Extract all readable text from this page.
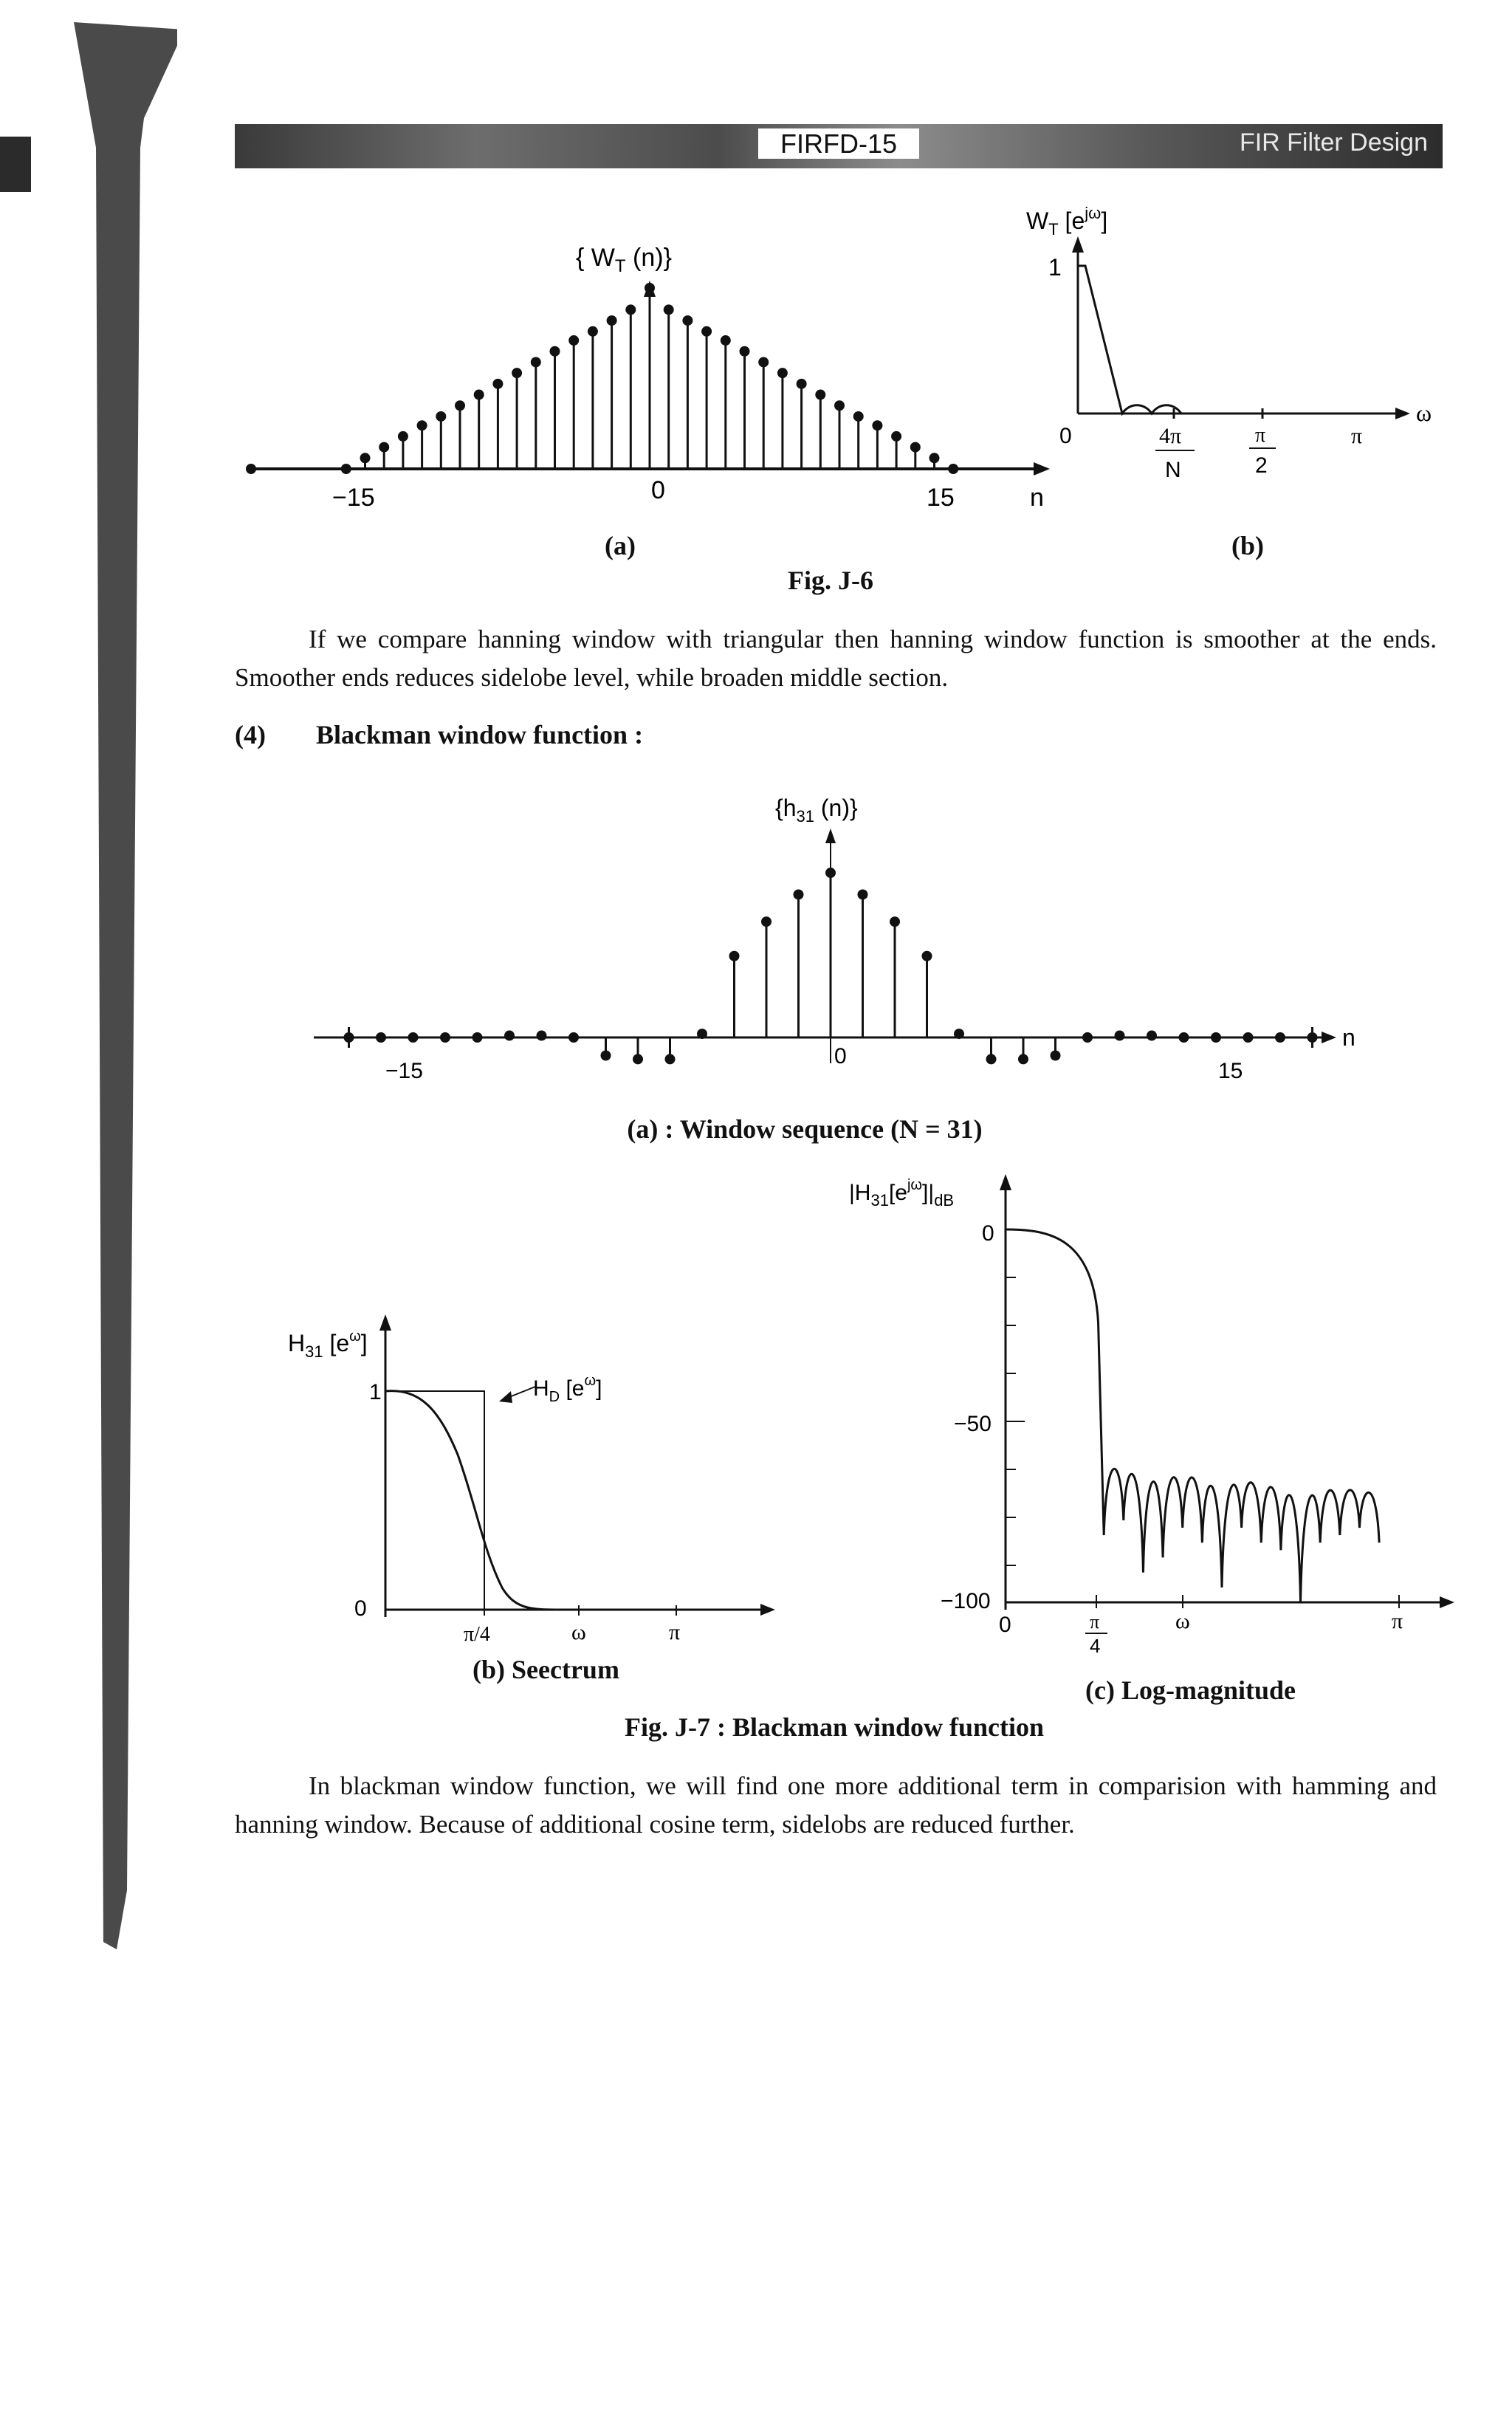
FIRFD-15	FIR Filter Design
{ $W_T$ (n)}
−15	0	15	n
(a)
$W_T$ $[e^{j\omega}]$
1
0	4π
N
π
2
π
ω
(b)
Fig. J-6
If we compare hanning window with triangular then hanning window function is smoother at the ends. Smoother ends reduces sidelobe level, while broaden middle section.
(4) Blackman window function :
{$h_{31}$ (n)}
−15
0
15
n
(a) : Window sequence (N = 31)
$H_{31}$ $[e^\omega]$
$H_D$ $[e^\omega]$
1
0
π/4	ω	π
(b) Seectrum
$|H_{31}[e^{j\omega}]|_{dB}$
0
−50
−100
0	π
4
ω	π
(c) Log-magnitude
Fig. J-7 : Blackman window function
In blackman window function, we will find one more additional term in comparision with hamming and hanning window. Because of additional cosine term, sidelobs are reduced further.
